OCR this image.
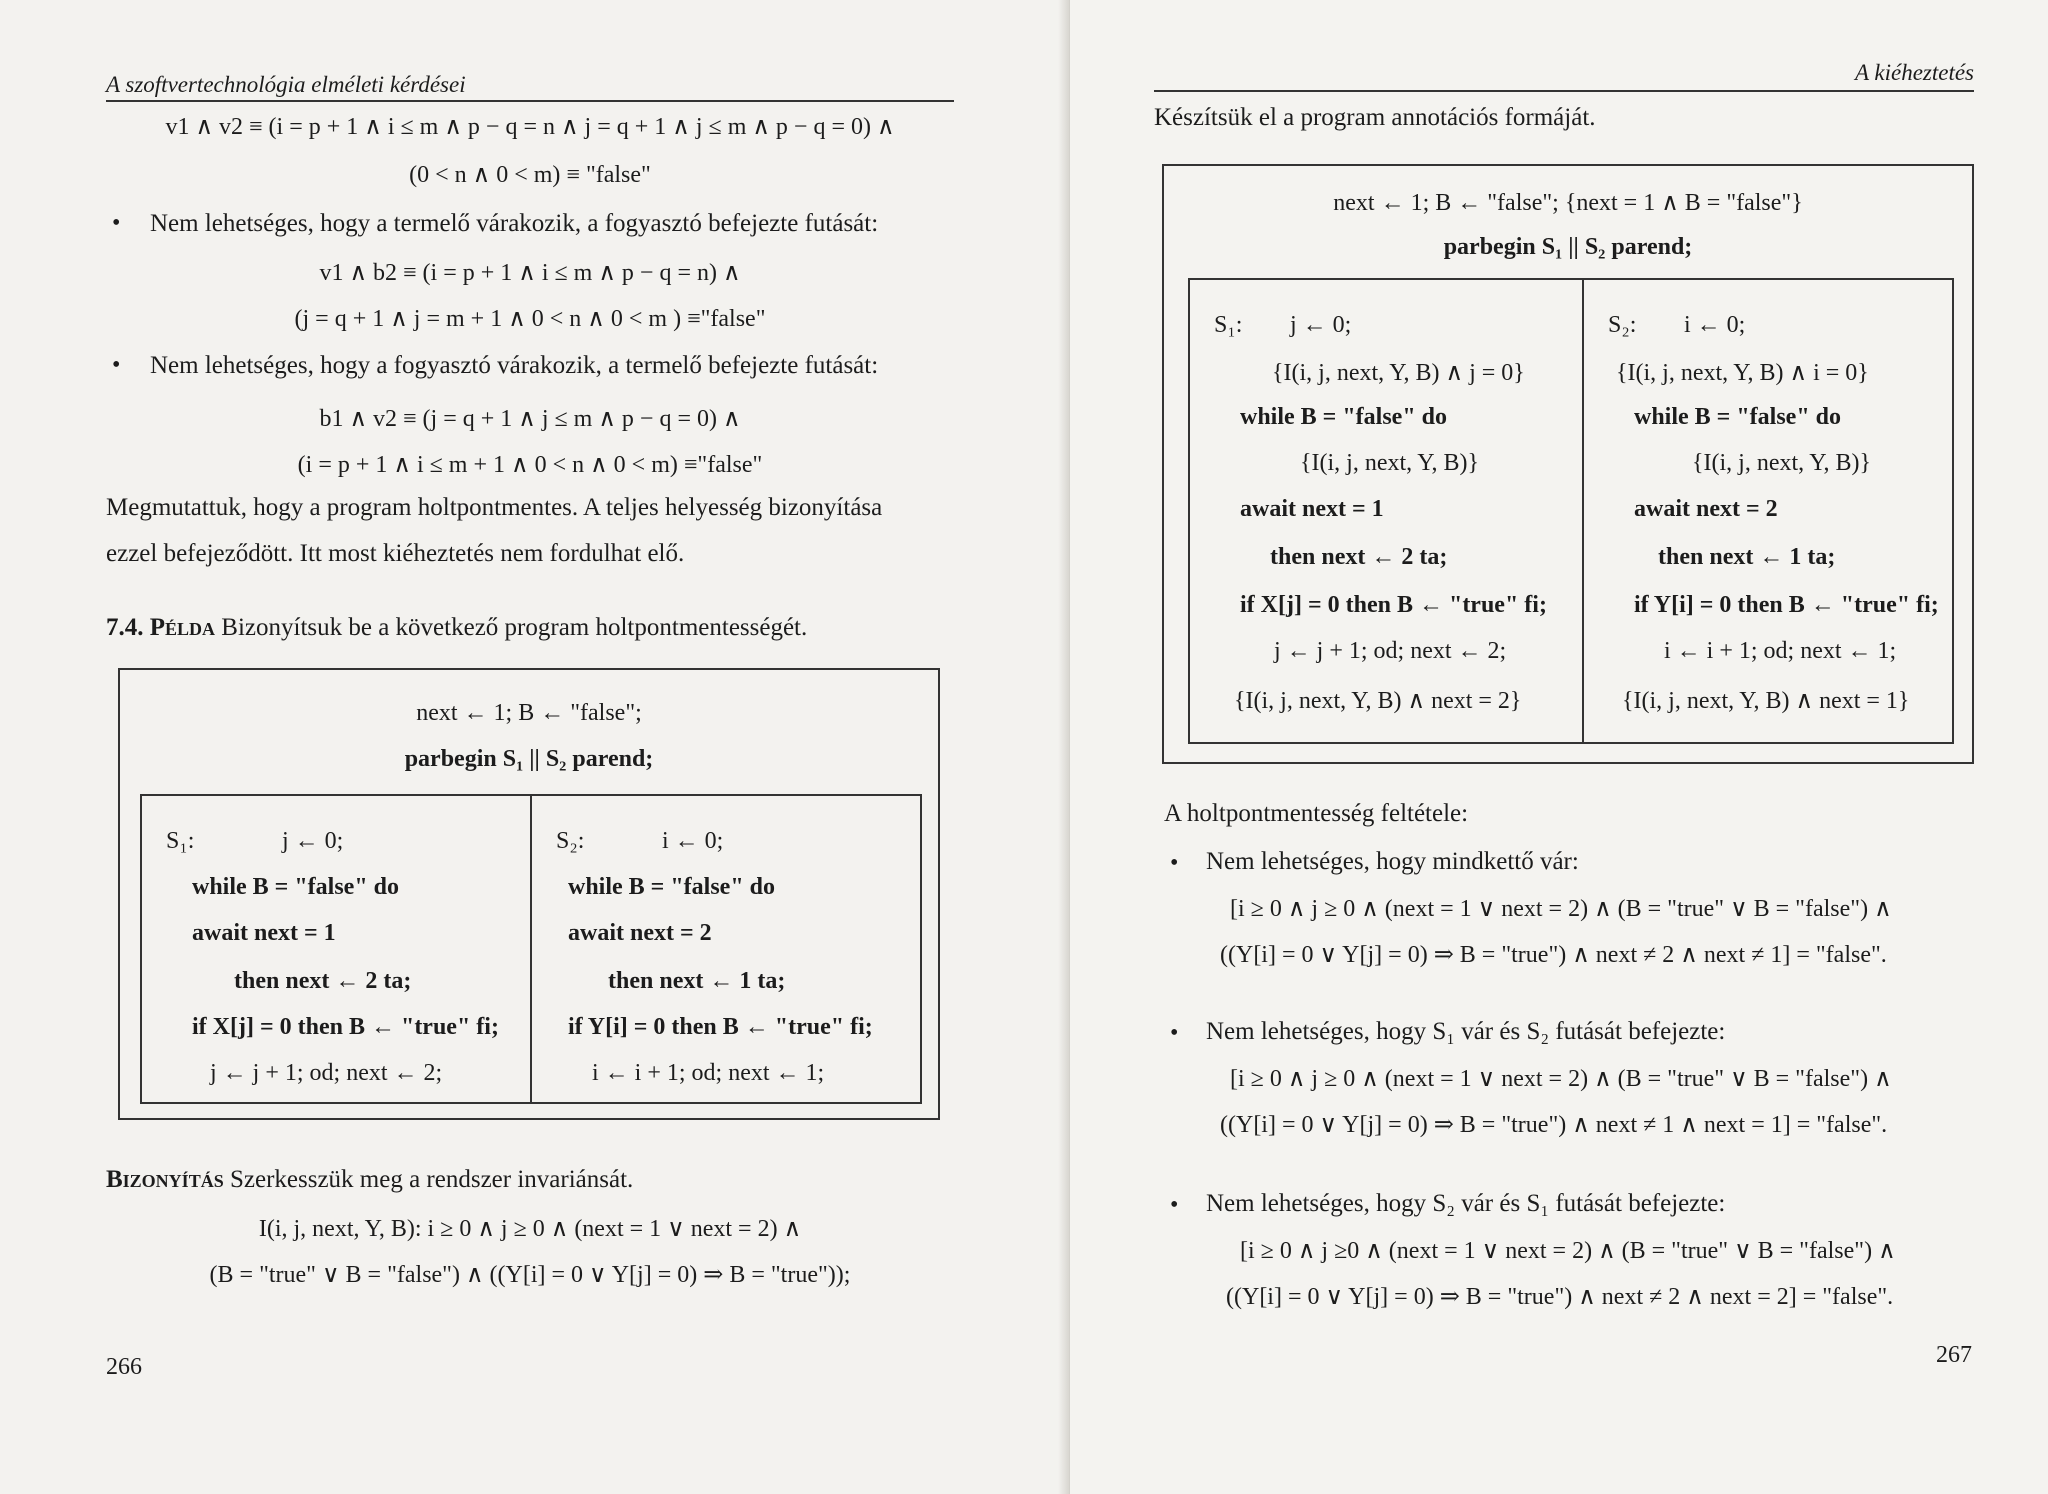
A szoftvertechnológia elméleti kérdései
v1 ∧ v2 ≡ (i = p + 1 ∧ i ≤ m ∧ p − q = n ∧ j = q + 1 ∧ j ≤ m ∧ p − q = 0) ∧
(0 < n ∧ 0 < m) ≡ "false"
• Nem lehetséges, hogy a termelő várakozik, a fogyasztó befejezte futását:
v1 ∧ b2 ≡ (i = p + 1 ∧ i ≤ m ∧ p − q = n) ∧
(j = q + 1 ∧ j = m + 1 ∧ 0 < n ∧ 0 < m ) ≡"false"
• Nem lehetséges, hogy a fogyasztó várakozik, a termelő befejezte futását:
b1 ∧ v2 ≡ (j = q + 1 ∧ j ≤ m ∧ p − q = 0) ∧
(i = p + 1 ∧ i ≤ m + 1 ∧ 0 < n ∧ 0 < m) ≡"false"
Megmutattuk, hogy a program holtpontmentes. A teljes helyesség bizonyítása
ezzel befejeződött. Itt most kiéheztetés nem fordulhat elő.
7.4. Példa Bizonyítsuk be a következő program holtpontmentességét.
next ← 1; B ← "false";
parbegin S₁ || S₂ parend;
S₁:	j ← 0;
while B = "false" do
await next = 1
then next ← 2 ta;
if X[j] = 0 then B ← "true" fi;
j ← j + 1; od; next ← 2;
S₂:	i ← 0;
while B = "false" do
await next = 2
then next ← 1 ta;
if Y[i] = 0 then B ← "true" fi;
i ← i + 1; od; next ← 1;
Bizonyítás Szerkesszük meg a rendszer invariánsát.
I(i, j, next, Y, B): i ≥ 0 ∧ j ≥ 0 ∧ (next = 1 ∨ next = 2) ∧
(B = "true" ∨ B = "false") ∧ ((Y[i] = 0 ∨ Y[j] = 0) ⇒ B = "true"));
266
A kiéheztetés
Készítsük el a program annotációs formáját.
next ← 1; B ← "false"; {next = 1 ∧ B = "false"}
parbegin S₁ || S₂ parend;
S₁: j ← 0;
{I(i, j, next, Y, B) ∧ j = 0}
while B = "false" do
{I(i, j, next, Y, B)}
await next = 1
then next ← 2 ta;
if X[j] = 0 then B ← "true" fi;
j ← j + 1; od; next ← 2;
{I(i, j, next, Y, B) ∧ next = 2}
S₂: i ← 0;
{I(i, j, next, Y, B) ∧ i = 0}
while B = "false" do
{I(i, j, next, Y, B)}
await next = 2
then next ← 1 ta;
if Y[i] = 0 then B ← "true" fi;
i ← i + 1; od; next ← 1;
{I(i, j, next, Y, B) ∧ next = 1}
A holtpontmentesség feltétele:
• Nem lehetséges, hogy mindkettő vár:
[i ≥ 0 ∧ j ≥ 0 ∧ (next = 1 ∨ next = 2) ∧ (B = "true" ∨ B = "false") ∧
((Y[i] = 0 ∨ Y[j] = 0) ⇒ B = "true") ∧ next ≠ 2 ∧ next ≠ 1] = "false".
• Nem lehetséges, hogy S₁ vár és S₂ futását befejezte:
[i ≥ 0 ∧ j ≥ 0 ∧ (next = 1 ∨ next = 2) ∧ (B = "true" ∨ B = "false") ∧
((Y[i] = 0 ∨ Y[j] = 0) ⇒ B = "true") ∧ next ≠ 1 ∧ next = 1] = "false".
• Nem lehetséges, hogy S₂ vár és S₁ futását befejezte:
[i ≥ 0 ∧ j ≥0 ∧ (next = 1 ∨ next = 2) ∧ (B = "true" ∨ B = "false") ∧
((Y[i] = 0 ∨ Y[j] = 0) ⇒ B = "true") ∧ next ≠ 2 ∧ next = 2] = "false".
267
